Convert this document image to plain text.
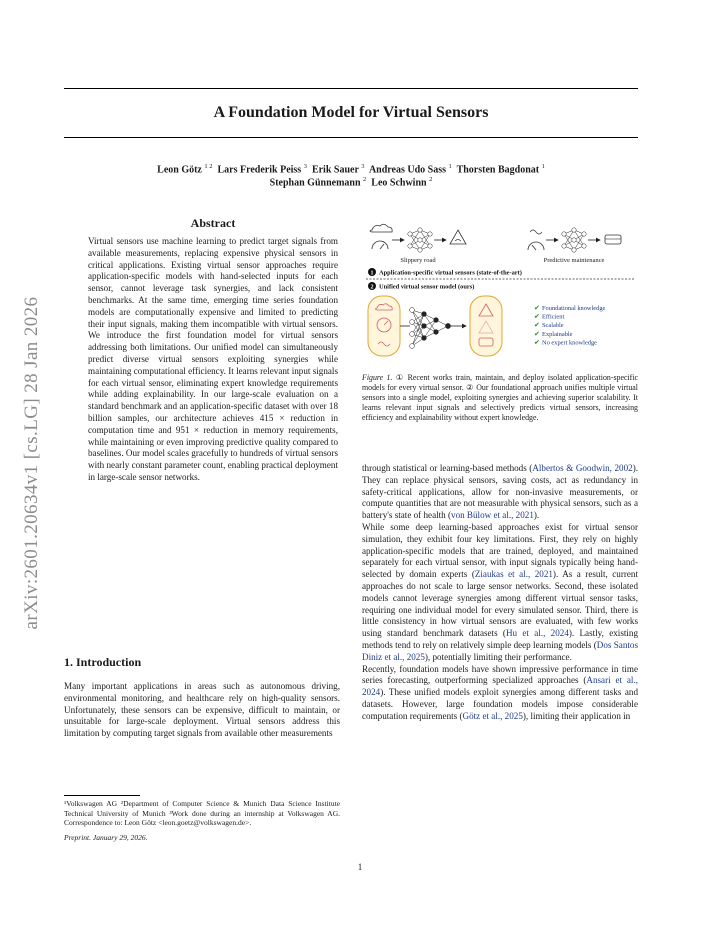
arXiv:2601.20634v1 [cs.LG] 28 Jan 2026
A Foundation Model for Virtual Sensors
Leon Götz $^{1 2}$ Lars Frederik Peiss $^3$ Erik Sauer $^3$ Andreas Udo Sass $^1$ Thorsten Bagdonat $^1$
Stephan Günnemann $^2$ Leo Schwinn $^2$
Abstract
Virtual sensors use machine learning to predict target signals from available measurements, replacing expensive physical sensors in critical applications. Existing virtual sensor approaches require application-specific models with hand-selected inputs for each sensor, cannot leverage task synergies, and lack consistent benchmarks. At the same time, emerging time series foundation models are computationally expensive and limited to predicting their input signals, making them incompatible with virtual sensors. We introduce the first foundation model for virtual sensors addressing both limitations. Our unified model can simultaneously predict diverse virtual sensors exploiting synergies while maintaining computational efficiency. It learns relevant input signals for each virtual sensor, eliminating expert knowledge requirements while adding explainability. In our large-scale evaluation on a standard benchmark and an application-specific dataset with over 18 billion samples, our architecture achieves 415 × reduction in computation time and 951 × reduction in memory requirements, while maintaining or even improving predictive quality compared to baselines. Our model scales gracefully to hundreds of virtual sensors with nearly constant parameter count, enabling practical deployment in large-scale sensor networks.
1. Introduction
Many important applications in areas such as autonomous driving, environmental monitoring, and healthcare rely on high-quality sensors. Unfortunately, these sensors can be expensive, difficult to maintain, or unsuitable for large-scale deployment. Virtual sensors address this limitation by computing target signals from available other measurements
¹Volkswagen AG ²Department of Computer Science & Munich Data Science Institute Technical University of Munich ³Work done during an internship at Volkswagen AG. Correspondence to: Leon Götz <leon.goetz@volkswagen.de>.
Preprint. January 29, 2026.
1
Slippery road	Predictive maintenance
1 Application-specific virtual sensors (state-of-the-art)
2 Unified virtual sensor model (ours)
✔ Foundational knowledge
✔ Efficient
✔ Scalable
✔ Explainable
✔ No expert knowledge
Figure 1. ① Recent works train, maintain, and deploy isolated application-specific models for every virtual sensor. ② Our foundational approach unifies multiple virtual sensors into a single model, exploiting synergies and achieving superior scalability. It learns relevant input signals and selectively predicts virtual sensors, increasing efficiency and explainability without expert knowledge.
through statistical or learning-based methods (Albertos & Goodwin, 2002). They can replace physical sensors, saving costs, act as redundancy in safety-critical applications, allow for non-invasive measurements, or compute quantities that are not measurable with physical sensors, such as a battery's state of health (von Bülow et al., 2021).
While some deep learning-based approaches exist for virtual sensor simulation, they exhibit four key limitations. First, they rely on highly application-specific models that are trained, deployed, and maintained separately for each virtual sensor, with input signals typically being hand-selected by domain experts (Ziaukas et al., 2021). As a result, current approaches do not scale to large sensor networks. Second, these isolated models cannot leverage synergies among different virtual sensor tasks, requiring one individual model for every simulated sensor. Third, there is little consistency in how virtual sensors are evaluated, with few works using standard benchmark datasets (Hu et al., 2024). Lastly, existing methods tend to rely on relatively simple deep learning models (Dos Santos Diniz et al., 2025), potentially limiting their performance.
Recently, foundation models have shown impressive performance in time series forecasting, outperforming specialized approaches (Ansari et al., 2024). These unified models exploit synergies among different tasks and datasets. However, large foundation models impose considerable computation requirements (Götz et al., 2025), limiting their application in
